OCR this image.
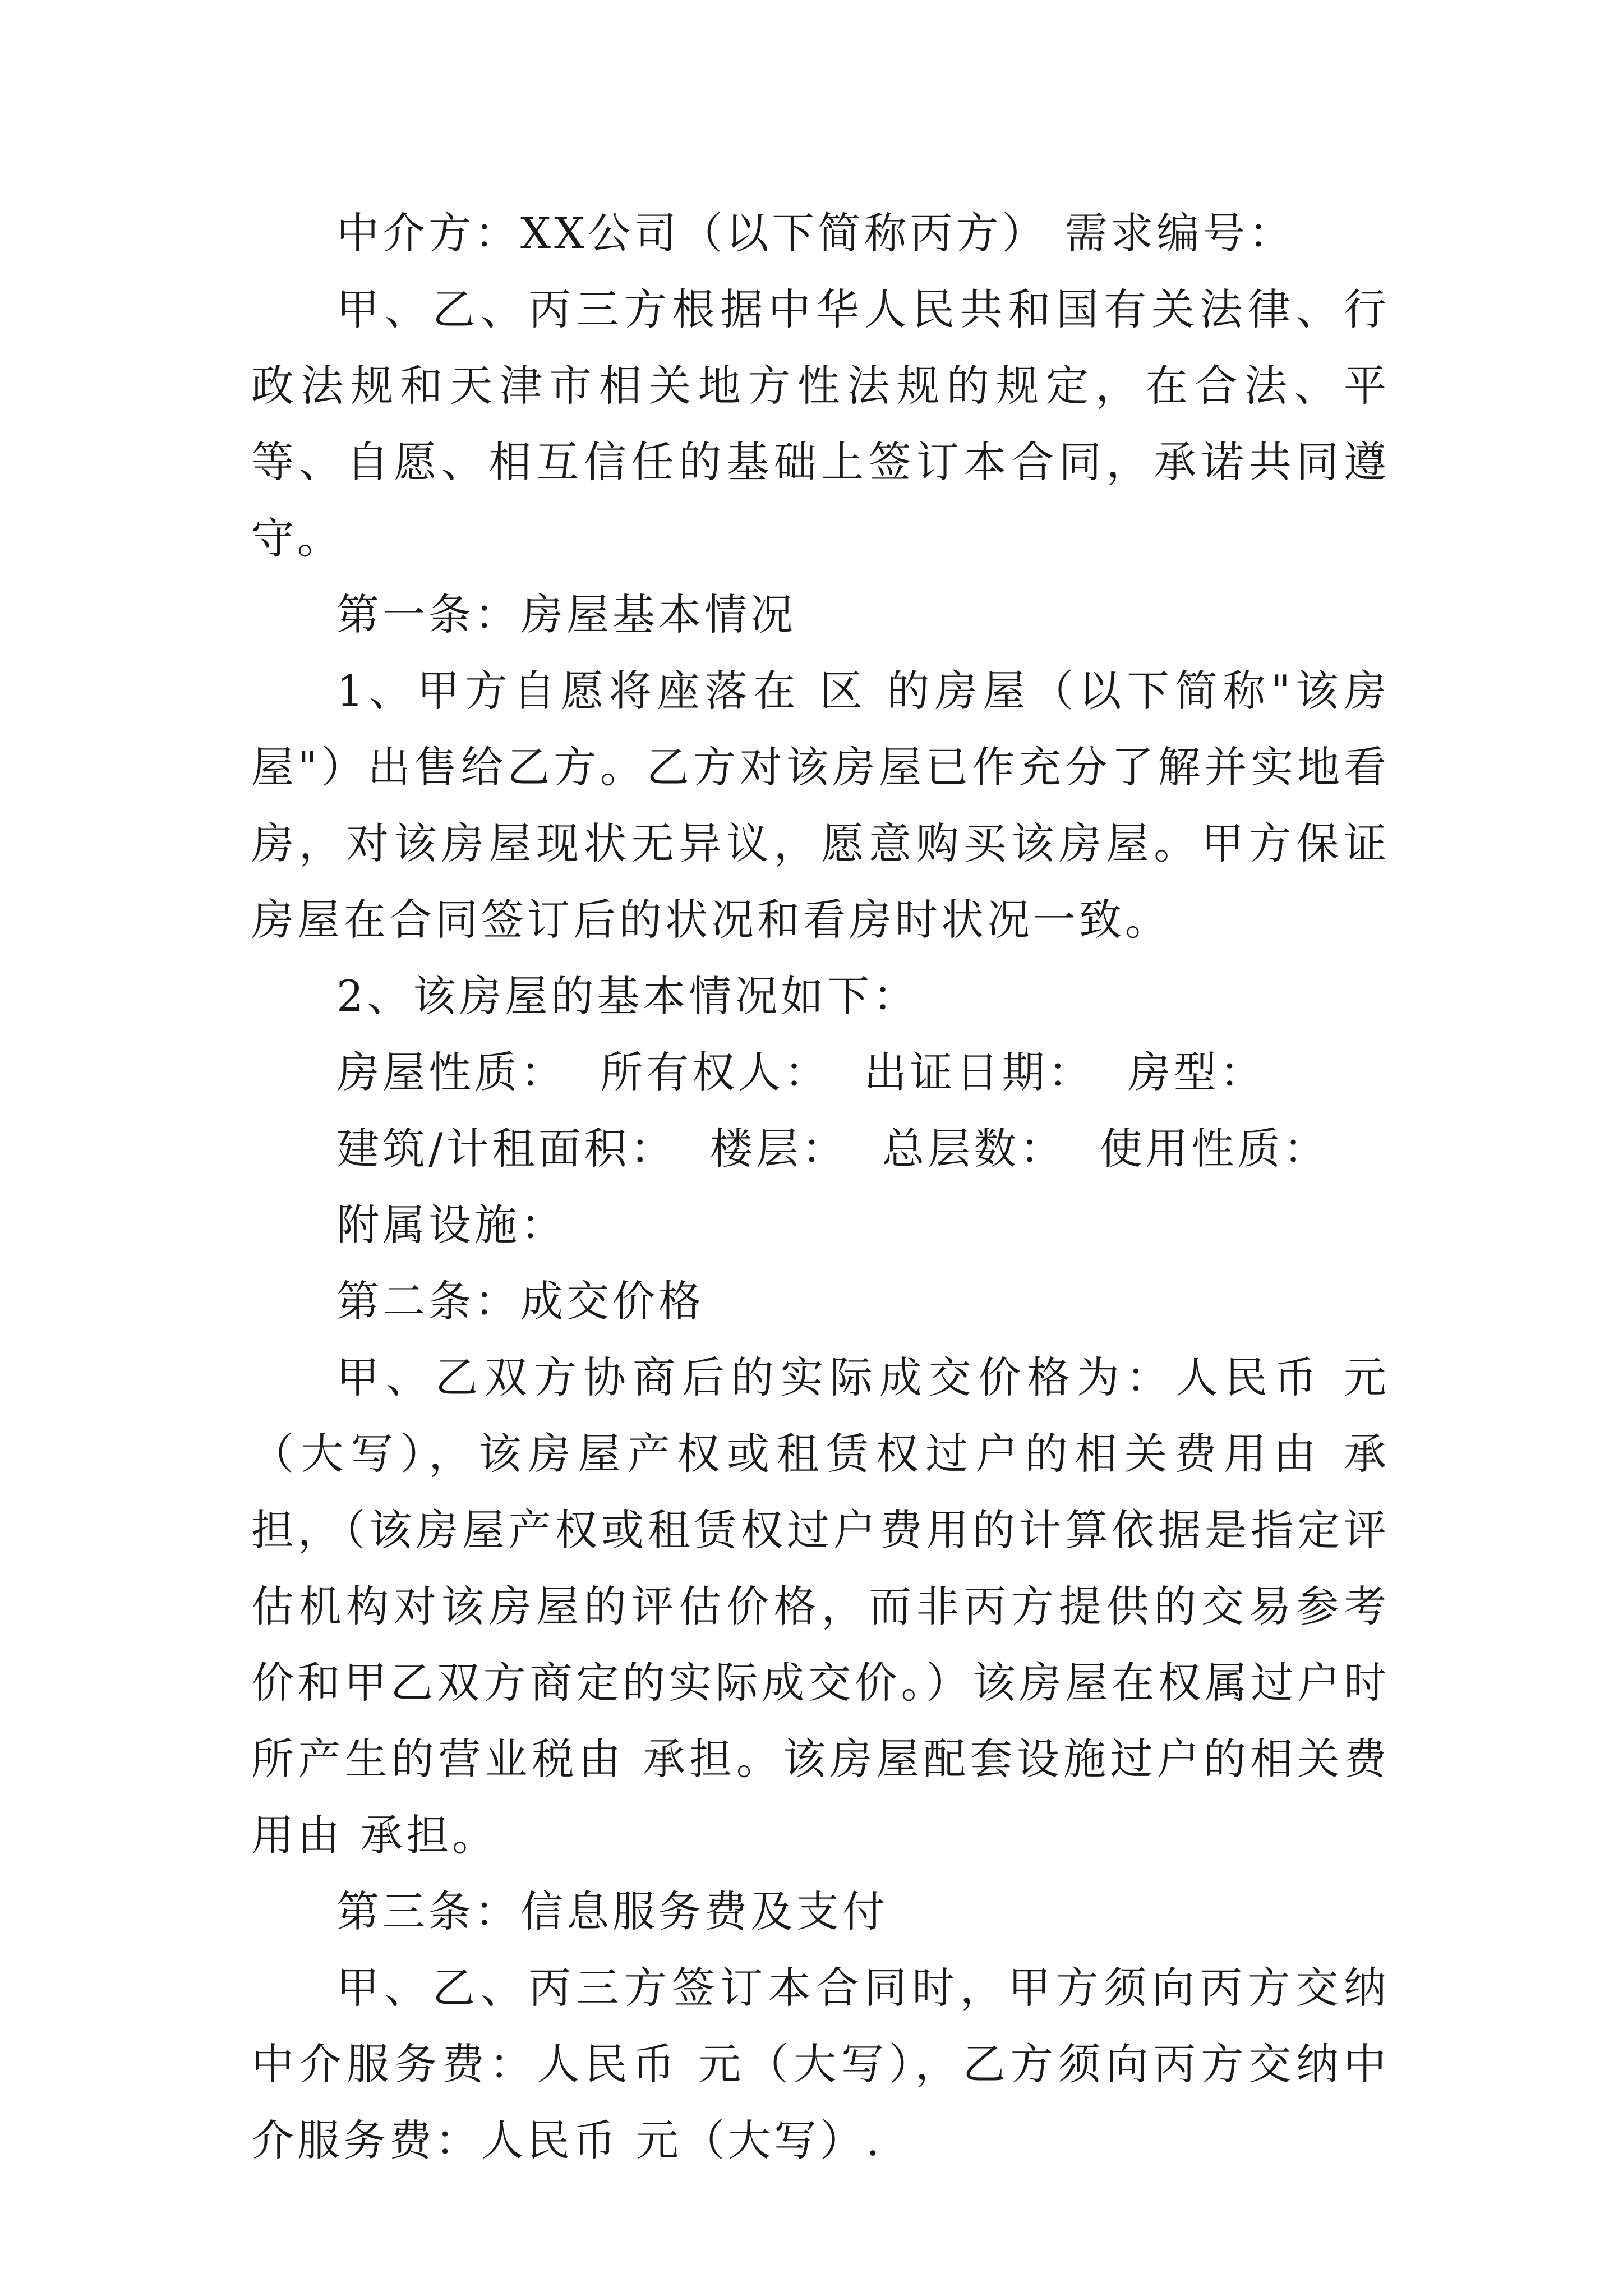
中介方：XX公司（以下简称丙方） 需求编号：

甲、乙、丙三方根据中华人民共和国有关法律、行政法规和天津市相关地方性法规的规定，在合法、平等、自愿、相互信任的基础上签订本合同，承诺共同遵守。

第一条：房屋基本情况

1、甲方自愿将座落在 区 的房屋（以下简称"该房屋"）出售给乙方。乙方对该房屋已作充分了解并实地看房，对该房屋现状无异议，愿意购买该房屋。甲方保证房屋在合同签订后的状况和看房时状况一致。

2、该房屋的基本情况如下：

房屋性质：  所有权人：  出证日期：  房型：

建筑/计租面积：  楼层：  总层数：  使用性质：

附属设施：

第二条：成交价格

甲、乙双方协商后的实际成交价格为：人民币 元（大写），该房屋产权或租赁权过户的相关费用由 承担，（该房屋产权或租赁权过户费用的计算依据是指定评估机构对该房屋的评估价格，而非丙方提供的交易参考价和甲乙双方商定的实际成交价。）该房屋在权属过户时所产生的营业税由 承担。该房屋配套设施过户的相关费用由 承担。

第三条：信息服务费及支付

甲、乙、丙三方签订本合同时，甲方须向丙方交纳中介服务费：人民币 元（大写），乙方须向丙方交纳中介服务费：人民币 元（大写）.
